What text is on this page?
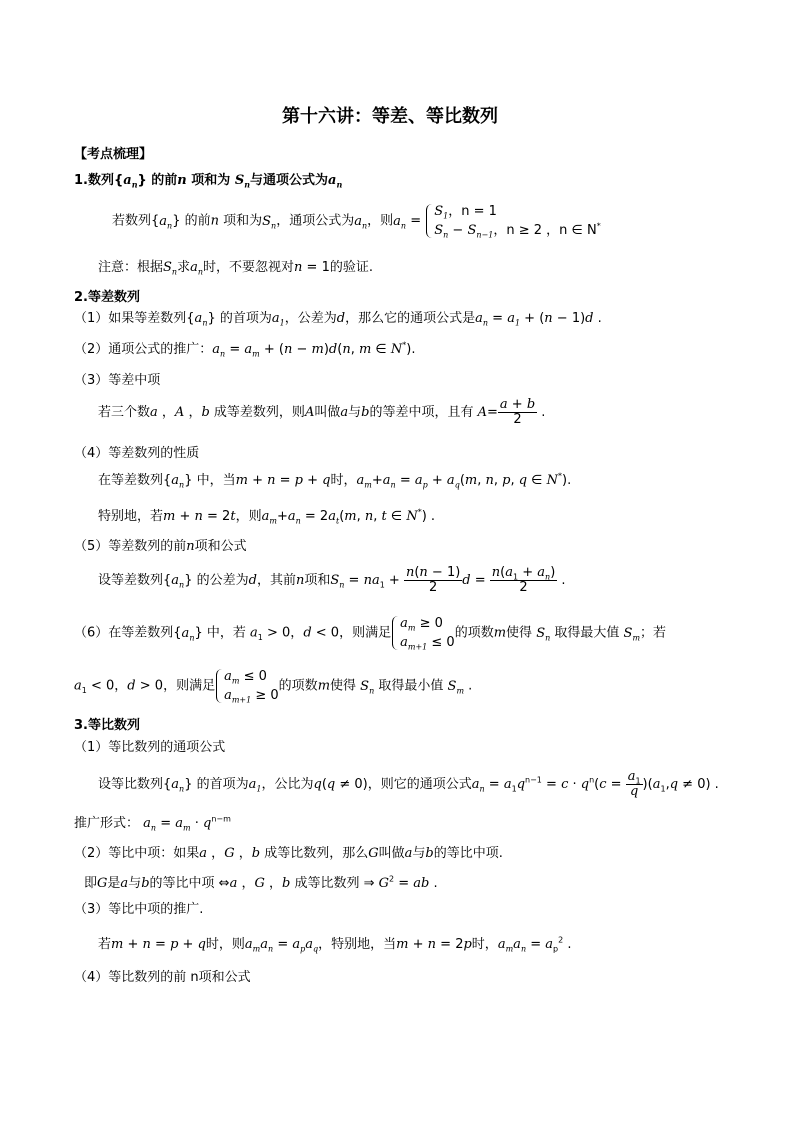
第十六讲：等差、等比数列
【考点梳理】
1.数列$\{a_n\}$ 的前n 项和为 $S_n$与通项公式为$a_n$
若数列$\{a_n\}$ 的前n 项和为$S_n$，通项公式为$a_n$，则$a_n$ =
$S_1$，n = 1
$S_n - S_{n-1}$，n ≥ 2 ，n ∈ N*
注意：根据$S_n$求$a_n$时，不要忽视对n = 1的验证.
2.等差数列
（1）如果等差数列$\{a_n\}$ 的首项为$a_1$，公差为d，那么它的通项公式是$a_n = a_1 + (n - 1)d$ .
（2）通项公式的推广：$a_n = a_m + (n - m)d(n$, m ∈ N*).
（3）等差中项
若三个数a ，A ，b 成等差数列，则A叫做a与b的等差中项，且有 $A= \frac{a + b}{2}$ .
（4）等差数列的性质
在等差数列$\{a_n\}$ 中，当m + n = p + q时，$a_m+a_n = a_p + a_q(m$, n, p, q ∈ N*).
特别地，若m + n = 2t，则$a_m+a_n = 2a_t(m$, n, t ∈ N*) .
（5）等差数列的前n项和公式
设等差数列$\{a_n\}$ 的公差为d，其前n项和$S_n = na_1 + \frac{n(n - 1)}{2}$ $d = \frac{n(a_1 + a_n)}{2}$ .
（6）在等差数列$\{a_n\}$ 中，若 $a_1 > 0$，d < 0，则满足
$a_m \ge 0$
$a_{m+1} \le 0$
的项数m使得 $S_n$ 取得最大值 $S_m$；若
$a_1 < 0$，d > 0，则满足
$a_m \le 0$
$a_{m+1} \ge 0$
的项数m使得 $S_n$ 取得最小值 $S_m$ .
3.等比数列
（1）等比数列的通项公式
设等比数列$\{a_n\}$ 的首项为$a_1$，公比为q(q ≠ 0)，则它的通项公式$a_n = a_1q^{n-1} = c \cdot q^n(c = \frac{a_1}{q} )(a_1,q \ne 0)$ .
推广形式： $a_n = a_m \cdot q^{n-m}$
（2）等比中项：如果a ，G ，b 成等比数列，那么G叫做a与b的等比中项.
即G是a与b的等比中项 ⇔a ，G ，b 成等比数列 ⇒ $G^2$ = ab .
（3）等比中项的推广.
若m + n = p + q时，则$a_ma_n = a_pa_q$，特别地，当m + n = 2p时，$a_ma_n = a_p^2$ .
（4）等比数列的前 n项和公式
